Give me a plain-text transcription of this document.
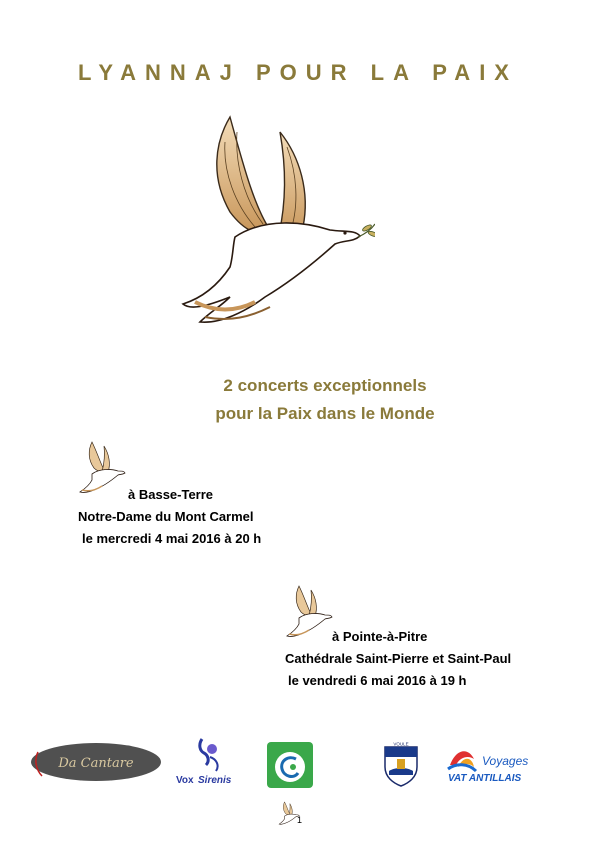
LYANNAJ POUR LA PAIX
2 concerts exceptionnels
pour la Paix dans le Monde
à Basse-Terre
Notre-Dame du Mont Carmel
le mercredi 4 mai 2016 à 20 h
à Pointe-à-Pitre
Cathédrale Saint-Pierre et Saint-Paul
le vendredi 6 mai 2016 à 19 h
Da Cantare
Vox Sirenis
VOULE
Voyages
VAT ANTILLAIS
1
